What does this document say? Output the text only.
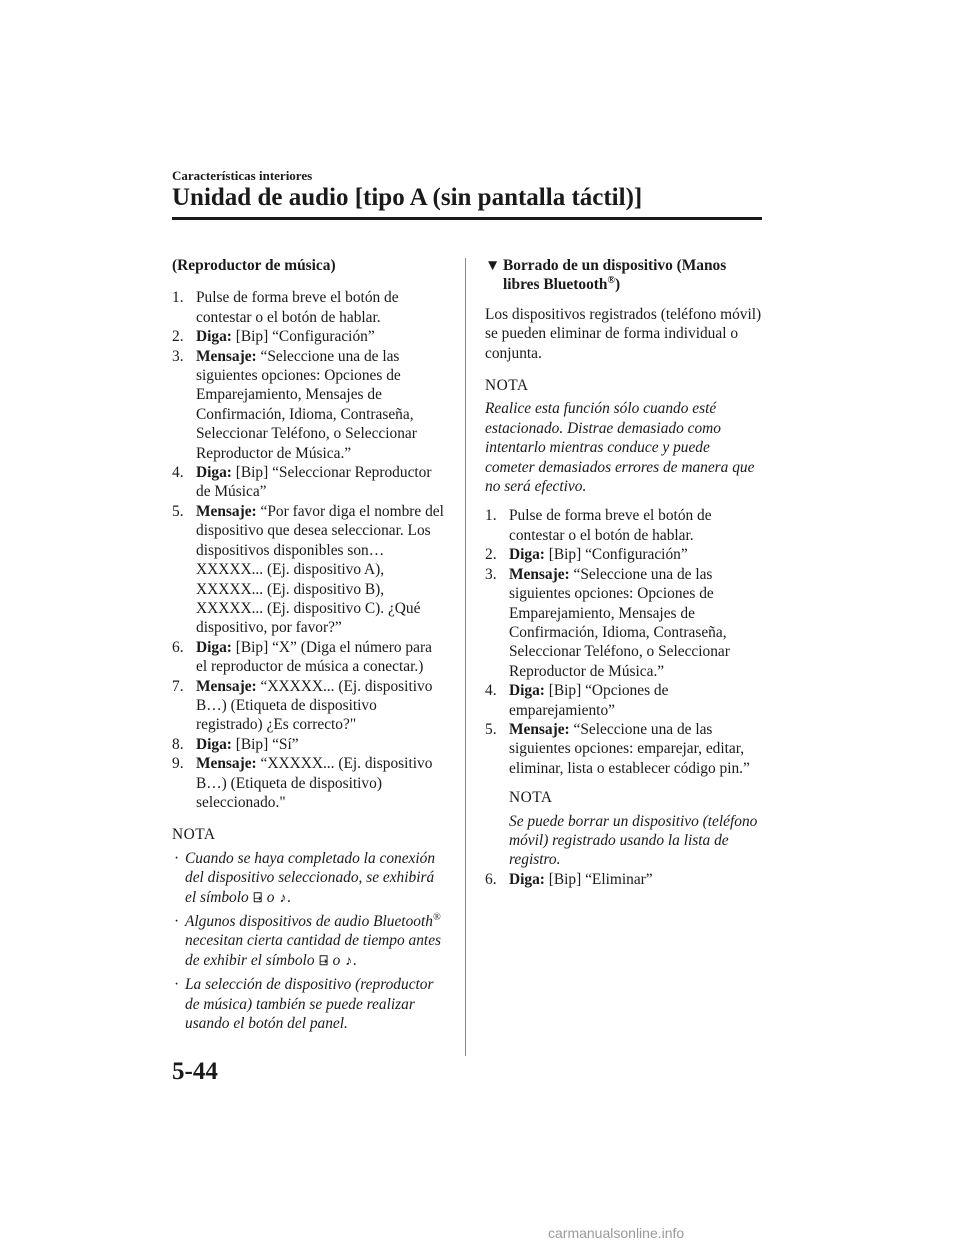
Características interiores
Unidad de audio [tipo A (sin pantalla táctil)]
(Reproductor de música)
1. Pulse de forma breve el botón de contestar o el botón de hablar.
2. Diga: [Bip] “Configuración”
3. Mensaje: “Seleccione una de las siguientes opciones: Opciones de Emparejamiento, Mensajes de Confirmación, Idioma, Contraseña, Seleccionar Teléfono, o Seleccionar Reproductor de Música.”
4. Diga: [Bip] “Seleccionar Reproductor de Música”
5. Mensaje: “Por favor diga el nombre del dispositivo que desea seleccionar. Los dispositivos disponibles son… XXXXX... (Ej. dispositivo A), XXXXX... (Ej. dispositivo B), XXXXX... (Ej. dispositivo C). ¿Qué dispositivo, por favor?”
6. Diga: [Bip] “X” (Diga el número para el reproductor de música a conectar.)
7. Mensaje: “XXXXX... (Ej. dispositivo B…) (Etiqueta de dispositivo registrado) ¿Es correcto?"
8. Diga: [Bip] “Sí”
9. Mensaje: “XXXXX... (Ej. dispositivo B…) (Etiqueta de dispositivo) seleccionado."
NOTA
· Cuando se haya completado la conexión del dispositivo seleccionado, se exhibirá el símbolo ⍈ o ♪.
· Algunos dispositivos de audio Bluetooth® necesitan cierta cantidad de tiempo antes de exhibir el símbolo ⍈ o ♪.
· La selección de dispositivo (reproductor de música) también se puede realizar usando el botón del panel.
▼ Borrado de un dispositivo (Manos
libres Bluetooth®)

Los dispositivos registrados (teléfono móvil) se pueden eliminar de forma individual o conjunta.

NOTA

Realice esta función sólo cuando esté estacionado. Distrae demasiado como intentarlo mientras conduce y puede cometer demasiados errores de manera que no será efectivo.

1. Pulse de forma breve el botón de contestar o el botón de hablar.
2. Diga: [Bip] “Configuración”
3. Mensaje: “Seleccione una de las siguientes opciones: Opciones de Emparejamiento, Mensajes de Confirmación, Idioma, Contraseña, Seleccionar Teléfono, o Seleccionar Reproductor de Música.”
4. Diga: [Bip] “Opciones de emparejamiento”
5. Mensaje: “Seleccione una de las siguientes opciones: emparejar, editar, eliminar, lista o establecer código pin.”
NOTA
Se puede borrar un dispositivo (teléfono móvil) registrado usando la lista de registro.
6. Diga: [Bip] “Eliminar”
5-44
carmanualsonline.info
